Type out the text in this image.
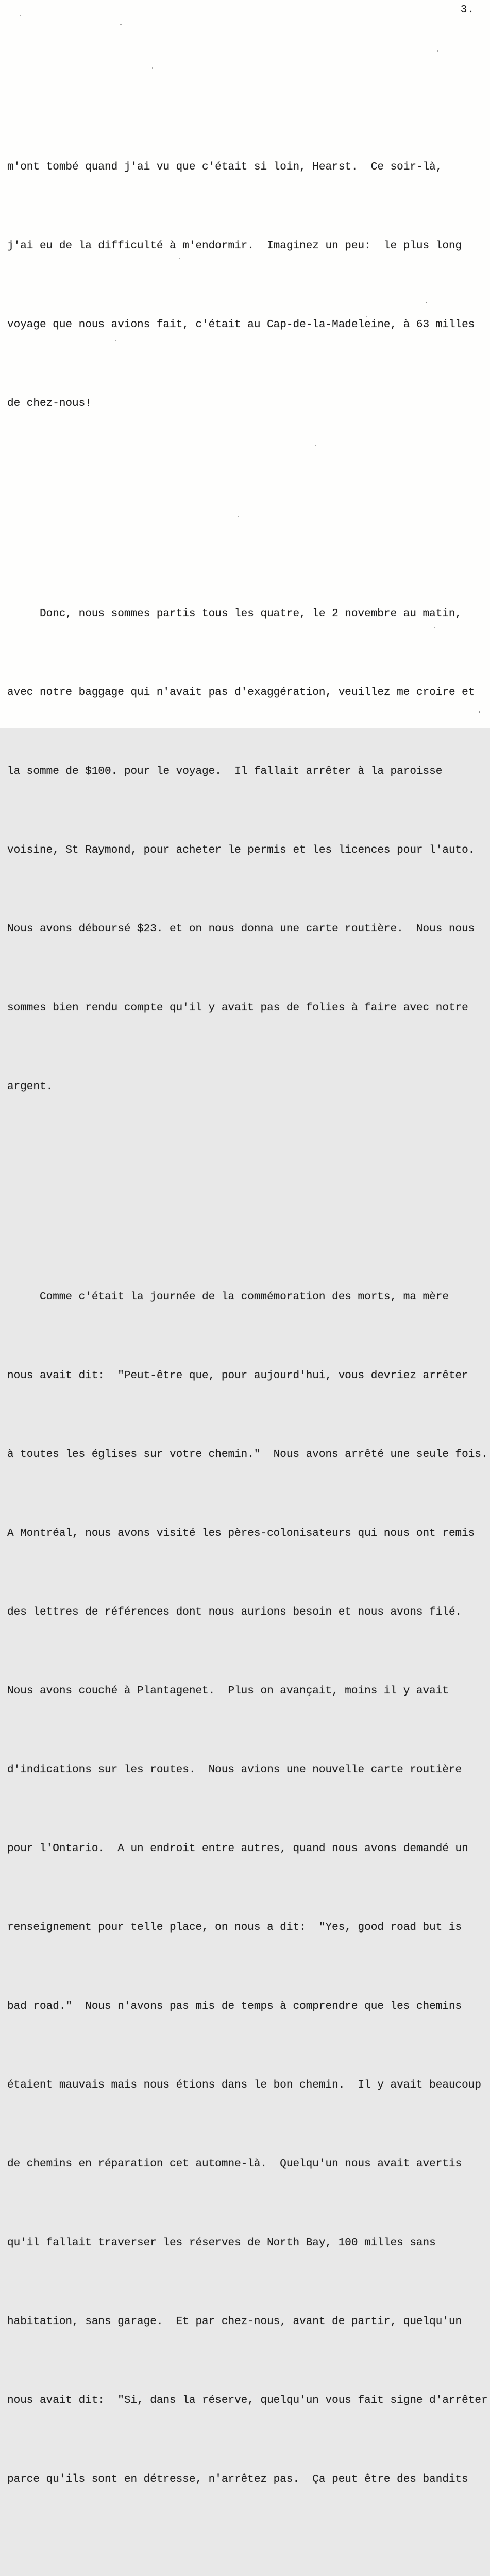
3.

m'ont tombé quand j'ai vu que c'était si loin, Hearst.  Ce soir-là,

j'ai eu de la difficulté à m'endormir.  Imaginez un peu:  le plus long

voyage que nous avions fait, c'était au Cap-de-la-Madeleine, à 63 milles

de chez-nous!

Donc, nous sommes partis tous les quatre, le 2 novembre au matin,

avec notre baggage qui n'avait pas d'exaggération, veuillez me croire et

la somme de $100. pour le voyage.  Il fallait arrêter à la paroisse

voisine, St Raymond, pour acheter le permis et les licences pour l'auto.

Nous avons déboursé $23. et on nous donna une carte routière.  Nous nous

sommes bien rendu compte qu'il y avait pas de folies à faire avec notre

argent.

Comme c'était la journée de la commémoration des morts, ma mère

nous avait dit:  "Peut-être que, pour aujourd'hui, vous devriez arrêter

à toutes les églises sur votre chemin."  Nous avons arrêté une seule fois.

A Montréal, nous avons visité les pères-colonisateurs qui nous ont remis

des lettres de références dont nous aurions besoin et nous avons filé.

Nous avons couché à Plantagenet.  Plus on avançait, moins il y avait

d'indications sur les routes.  Nous avions une nouvelle carte routière

pour l'Ontario.  A un endroit entre autres, quand nous avons demandé un

renseignement pour telle place, on nous a dit:  "Yes, good road but is

bad road."  Nous n'avons pas mis de temps à comprendre que les chemins

étaient mauvais mais nous étions dans le bon chemin.  Il y avait beaucoup

de chemins en réparation cet automne-là.  Quelqu'un nous avait avertis

qu'il fallait traverser les réserves de North Bay, 100 milles sans

habitation, sans garage.  Et par chez-nous, avant de partir, quelqu'un

nous avait dit:  "Si, dans la réserve, quelqu'un vous fait signe d'arrêter

parce qu'ils sont en détresse, n'arrêtez pas.  Ça peut être des bandits
